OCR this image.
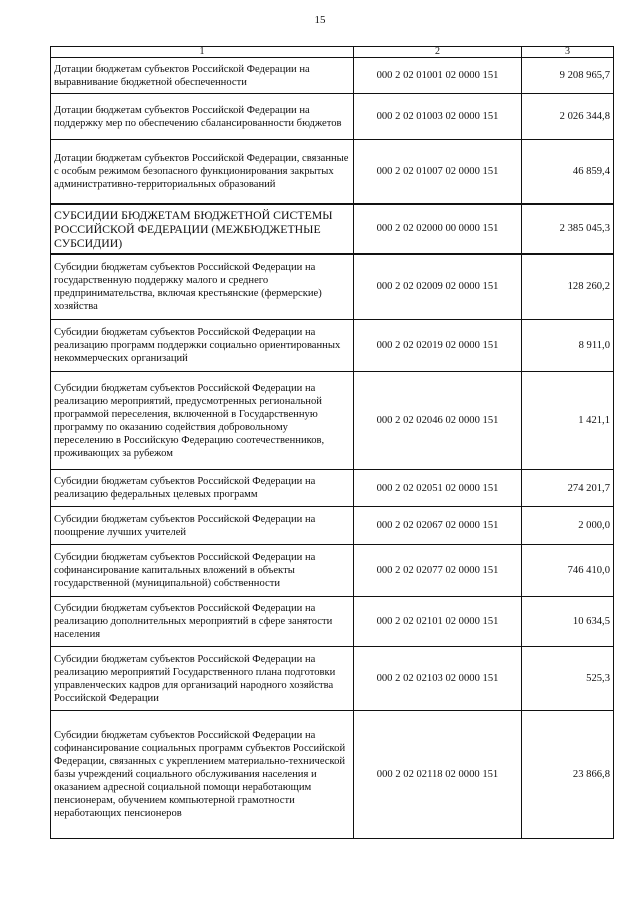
15
1	2	3
Дотации бюджетам субъектов Российской Федерации на выравнивание бюджетной обеспеченности	000 2 02 01001 02 0000 151	9 208 965,7
Дотации бюджетам субъектов Российской Федерации на поддержку мер по обеспечению сбалансированности бюджетов	000 2 02 01003 02 0000 151	2 026 344,8
Дотации бюджетам субъектов Российской Федерации, связанные с особым режимом безопасного функционирования закрытых административно-территориальных образований	000 2 02 01007 02 0000 151	46 859,4
СУБСИДИИ БЮДЖЕТАМ БЮДЖЕТНОЙ СИСТЕМЫ РОССИЙСКОЙ ФЕДЕРАЦИИ (МЕЖБЮДЖЕТНЫЕ СУБСИДИИ)	000 2 02 02000 00 0000 151	2 385 045,3
Субсидии бюджетам субъектов Российской Федерации на государственную поддержку малого и среднего предпринимательства, включая крестьянские (фермерские) хозяйства	000 2 02 02009 02 0000 151	128 260,2
Субсидии бюджетам субъектов Российской Федерации на реализацию программ поддержки социально ориентированных некоммерческих организаций	000 2 02 02019 02 0000 151	8 911,0
Субсидии бюджетам субъектов Российской Федерации на реализацию мероприятий, предусмотренных региональной программой переселения, включенной в Государственную программу по оказанию содействия добровольному переселению в Российскую Федерацию соотечественников, проживающих за рубежом	000 2 02 02046 02 0000 151	1 421,1
Субсидии бюджетам субъектов Российской Федерации на реализацию федеральных целевых программ	000 2 02 02051 02 0000 151	274 201,7
Субсидии бюджетам субъектов Российской Федерации на поощрение лучших учителей	000 2 02 02067 02 0000 151	2 000,0
Субсидии бюджетам субъектов Российской Федерации на софинансирование капитальных вложений в объекты государственной (муниципальной) собственности	000 2 02 02077 02 0000 151	746 410,0
Субсидии бюджетам субъектов Российской Федерации на реализацию дополнительных мероприятий в сфере занятости населения	000 2 02 02101 02 0000 151	10 634,5
Субсидии бюджетам субъектов Российской Федерации на реализацию мероприятий Государственного плана подготовки управленческих кадров для организаций народного хозяйства Российской Федерации	000 2 02 02103 02 0000 151	525,3
Субсидии бюджетам субъектов Российской Федерации на софинансирование социальных программ субъектов Российской Федерации, связанных с укреплением материально-технической базы учреждений социального обслуживания населения и оказанием адресной социальной помощи неработающим пенсионерам, обучением компьютерной грамотности неработающих пенсионеров	000 2 02 02118 02 0000 151	23 866,8
